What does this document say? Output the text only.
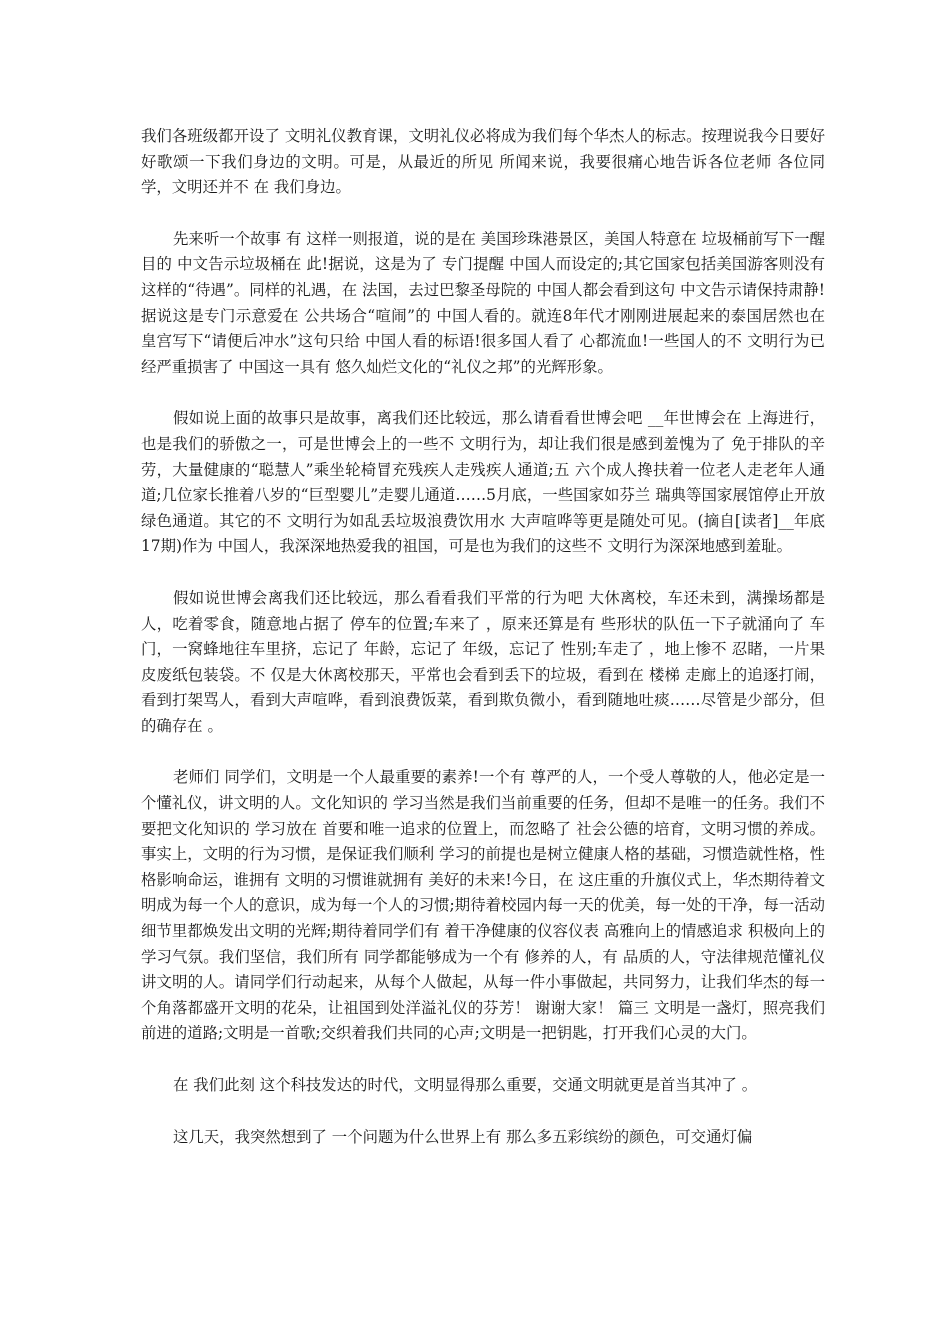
我们各班级都开设了 文明礼仪教育课，文明礼仪必将成为我们每个华杰人的标志。按理说我今日要好好歌颂一下我们身边的文明。可是，从最近的所见 所闻来说，我要很痛心地告诉各位老师 各位同学，文明还并不 在 我们身边。

先来听一个故事 有 这样一则报道，说的是在 美国珍珠港景区，美国人特意在 垃圾桶前写下一醒目的 中文告示垃圾桶在 此!据说，这是为了 专门提醒 中国人而设定的;其它国家包括美国游客则没有 这样的“待遇”。同样的礼遇，在 法国，去过巴黎圣母院的 中国人都会看到这句 中文告示请保持肃静!据说这是专门示意爱在 公共场合“喧闹”的 中国人看的。就连8年代才刚刚进展起来的泰国居然也在 皇宫写下“请便后冲水”这句只给 中国人看的标语!很多国人看了 心都流血!一些国人的不 文明行为已经严重损害了 中国这一具有 悠久灿烂文化的“礼仪之邦”的光辉形象。

假如说上面的故事只是故事，离我们还比较远，那么请看看世博会吧 __年世博会在 上海进行，也是我们的骄傲之一，可是世博会上的一些不 文明行为，却让我们很是感到羞愧为了 免于排队的辛劳，大量健康的“聪慧人”乘坐轮椅冒充残疾人走残疾人通道;五 六个成人搀扶着一位老人走老年人通道;几位家长推着八岁的“巨型婴儿”走婴儿通道……5月底，一些国家如芬兰 瑞典等国家展馆停止开放绿色通道。其它的不 文明行为如乱丢垃圾浪费饮用水 大声喧哗等更是随处可见。(摘自[读者]__年底17期)作为 中国人，我深深地热爱我的祖国，可是也为我们的这些不 文明行为深深地感到羞耻。

假如说世博会离我们还比较远，那么看看我们平常的行为吧 大休离校，车还未到，满操场都是人，吃着零食，随意地占据了 停车的位置;车来了 ，原来还算是有 些形状的队伍一下子就涌向了 车门，一窝蜂地往车里挤，忘记了 年龄，忘记了 年级，忘记了 性别;车走了 ，地上惨不 忍睹，一片果皮废纸包装袋。不 仅是大休离校那天，平常也会看到丢下的垃圾，看到在 楼梯 走廊上的追逐打闹，看到打架骂人，看到大声喧哗，看到浪费饭菜，看到欺负微小，看到随地吐痰……尽管是少部分，但的确存在 。

老师们 同学们，文明是一个人最重要的素养!一个有 尊严的人，一个受人尊敬的人，他必定是一个懂礼仪，讲文明的人。文化知识的 学习当然是我们当前重要的任务，但却不是唯一的任务。我们不 要把文化知识的 学习放在 首要和唯一追求的位置上，而忽略了 社会公德的培育，文明习惯的养成。事实上，文明的行为习惯，是保证我们顺利 学习的前提也是树立健康人格的基础，习惯造就性格，性格影响命运，谁拥有 文明的习惯谁就拥有 美好的未来!今日，在 这庄重的升旗仪式上，华杰期待着文明成为每一个人的意识，成为每一个人的习惯;期待着校园内每一天的优美，每一处的干净，每一活动细节里都焕发出文明的光辉;期待着同学们有 着干净健康的仪容仪表 高雅向上的情感追求 积极向上的 学习气氛。我们坚信，我们所有 同学都能够成为一个有 修养的人，有 品质的人，守法律规范懂礼仪讲文明的人。请同学们行动起来，从每个人做起，从每一件小事做起，共同努力，让我们华杰的每一个角落都盛开文明的花朵，让祖国到处洋溢礼仪的芬芳！ 谢谢大家！ 篇三 文明是一盏灯，照亮我们前进的道路;文明是一首歌;交织着我们共同的心声;文明是一把钥匙，打开我们心灵的大门。

在 我们此刻 这个科技发达的时代，文明显得那么重要，交通文明就更是首当其冲了 。

这几天，我突然想到了 一个问题为什么世界上有 那么多五彩缤纷的颜色，可交通灯偏
